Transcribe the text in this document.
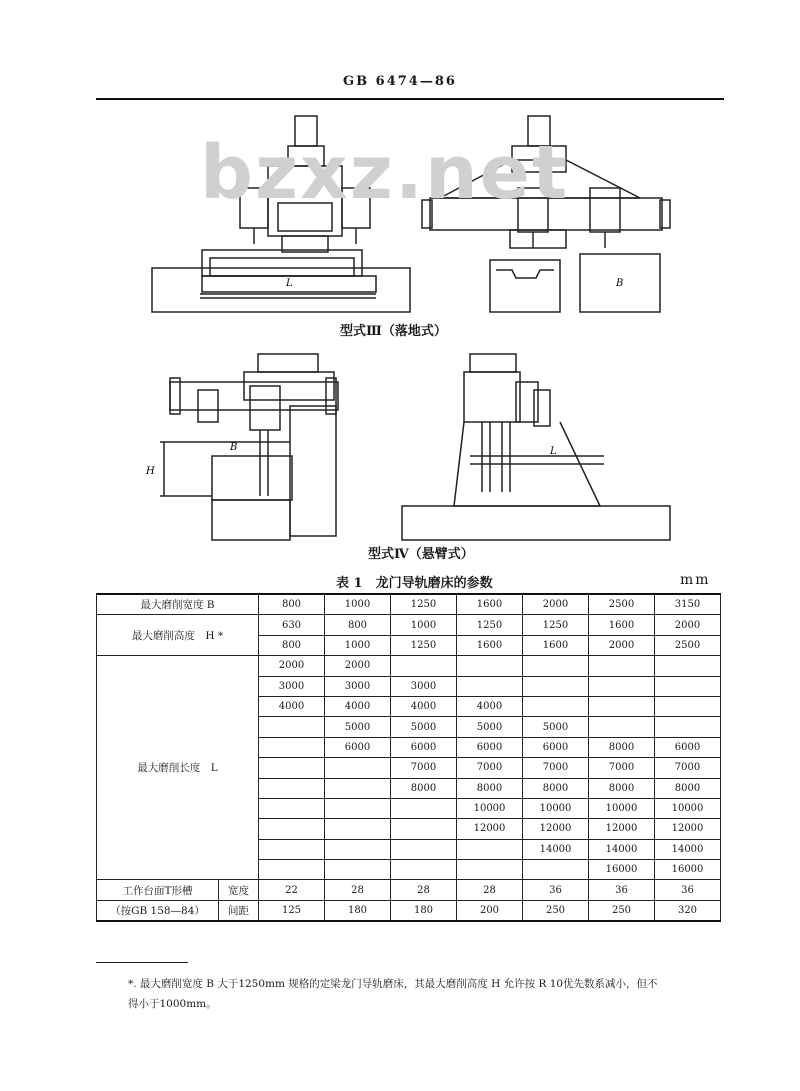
GB 6474—86
L	B
bzxz.net
型式Ⅲ（落地式）
B
H
L
型式Ⅳ（悬臂式）
表 1　龙门导轨磨床的参数	mm
最大磨削宽度 B		800	1000	1250	1600	2000	2500	3150
最大磨削高度　H *		630	800	1000	1250	1250	1600	2000
		800	1000	1250	1600	1600	2000	2500
最大磨削长度　L		2000	2000					
		3000	3000	3000				
		4000	4000	4000	4000			
			5000	5000	5000	5000		
			6000	6000	6000	6000	8000	6000
				7000	7000	7000	7000	7000
				8000	8000	8000	8000	8000
					10000	10000	10000	10000
					12000	12000	12000	12000
						14000	14000	14000
							16000	16000
工作台面T形槽	宽度	22	28	28	28	36	36	36
（按GB 158—84）	间距	125	180	180	200	250	250	320
*. 最大磨削宽度 B 大于1250mm 规格的定梁龙门导轨磨床，其最大磨削高度 H 允许按 R 10优先数系减小，但不
得小于1000mm。
